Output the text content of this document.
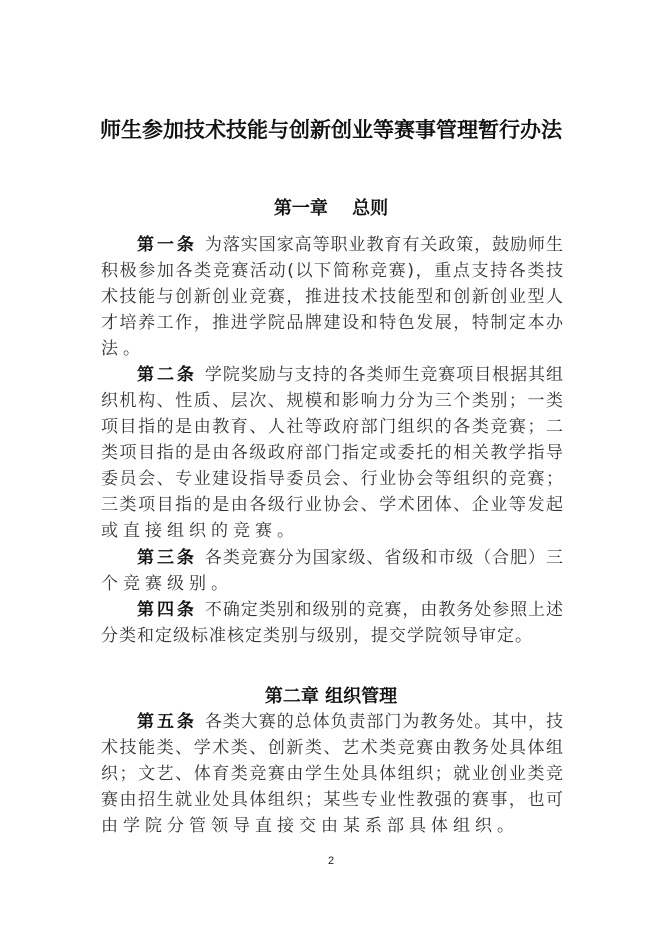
师生参加技术技能与创新创业等赛事管理暂行办法
第一章　 总则
第二章 组织管理
第一条 为落实国家高等职业教育有关政策，鼓励师生
积极参加各类竞赛活动(以下简称竞赛)，重点支持各类技
术技能与创新创业竞赛，推进技术技能型和创新创业型人
才培养工作，推进学院品牌建设和特色发展，特制定本办
法。
第二条 学院奖励与支持的各类师生竞赛项目根据其组
织机构、性质、层次、规模和影响力分为三个类别；一类
项目指的是由教育、人社等政府部门组织的各类竞赛；二
类项目指的是由各级政府部门指定或委托的相关教学指导
委员会、专业建设指导委员会、行业协会等组织的竞赛；
三类项目指的是由各级行业协会、学术团体、企业等发起
或直接组织的竞赛。
第三条 各类竞赛分为国家级、省级和市级（合肥）三
个竞赛级别。
第四条 不确定类别和级别的竞赛，由教务处参照上述
分类和定级标准核定类别与级别，提交学院领导审定。
第五条 各类大赛的总体负责部门为教务处。其中，技
术技能类、学术类、创新类、艺术类竞赛由教务处具体组
织；文艺、体育类竞赛由学生处具体组织；就业创业类竞
赛由招生就业处具体组织；某些专业性教强的赛事，也可
由学院分管领导直接交由某系部具体组织。
2
